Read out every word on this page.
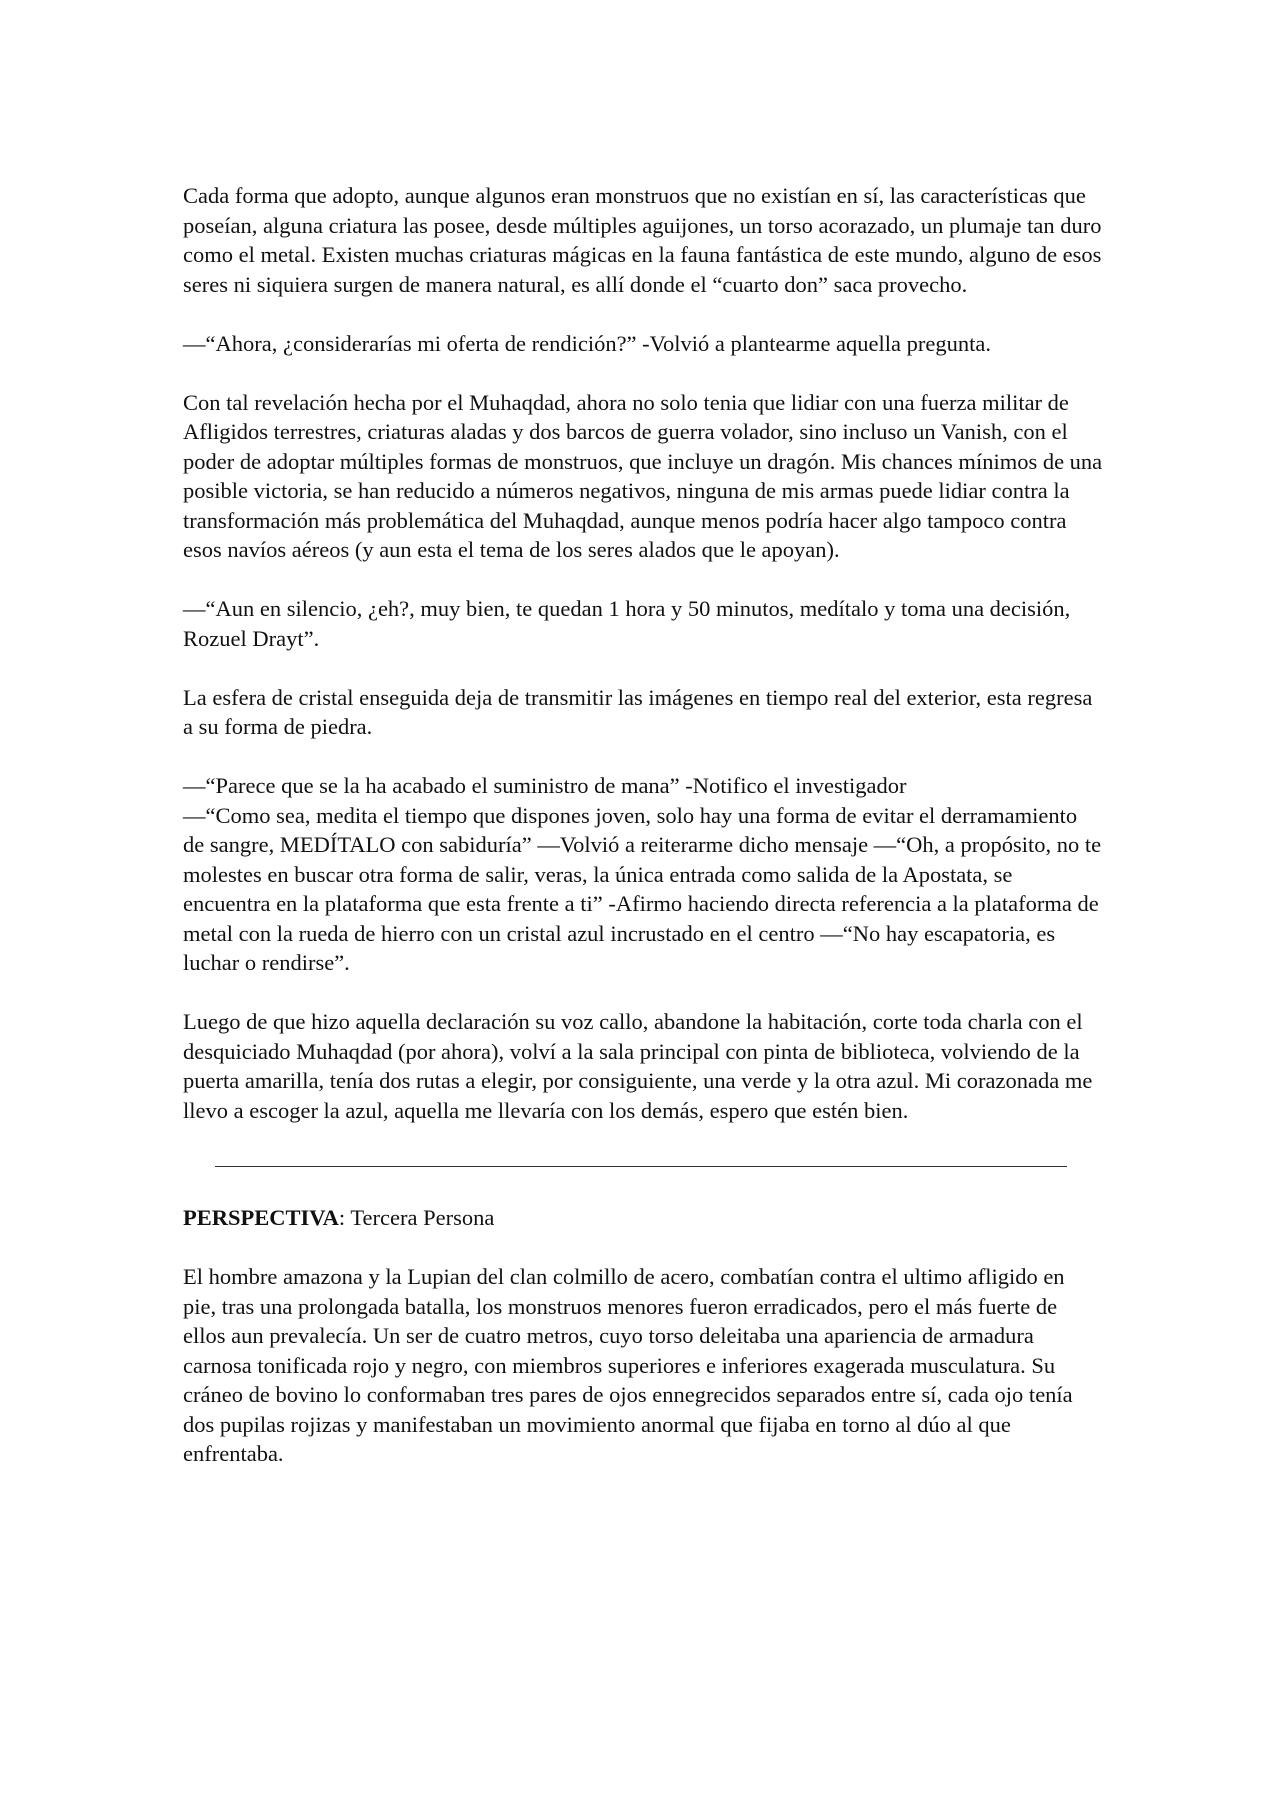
Cada forma que adopto, aunque algunos eran monstruos que no existían en sí, las características que poseían, alguna criatura las posee, desde múltiples aguijones, un torso acorazado, un plumaje tan duro como el metal. Existen muchas criaturas mágicas en la fauna fantástica de este mundo, alguno de esos seres ni siquiera surgen de manera natural, es allí donde el “cuarto don” saca provecho.

—“Ahora, ¿considerarías mi oferta de rendición?” -Volvió a plantearme aquella pregunta.

Con tal revelación hecha por el Muhaqdad, ahora no solo tenia que lidiar con una fuerza militar de Afligidos terrestres, criaturas aladas y dos barcos de guerra volador, sino incluso un Vanish, con el poder de adoptar múltiples formas de monstruos, que incluye un dragón. Mis chances mínimos de una posible victoria, se han reducido a números negativos, ninguna de mis armas puede lidiar contra la transformación más problemática del Muhaqdad, aunque menos podría hacer algo tampoco contra esos navíos aéreos (y aun esta el tema de los seres alados que le apoyan).

—“Aun en silencio, ¿eh?, muy bien, te quedan 1 hora y 50 minutos, medítalo y toma una decisión, Rozuel Drayt”.

La esfera de cristal enseguida deja de transmitir las imágenes en tiempo real del exterior, esta regresa a su forma de piedra.

—“Parece que se la ha acabado el suministro de mana” -Notifico el investigador

—“Como sea, medita el tiempo que dispones joven, solo hay una forma de evitar el derramamiento de sangre, MEDÍTALO con sabiduría” —Volvió a reiterarme dicho mensaje —“Oh, a propósito, no te molestes en buscar otra forma de salir, veras, la única entrada como salida de la Apostata, se encuentra en la plataforma que esta frente a ti” -Afirmo haciendo directa referencia a la plataforma de metal con la rueda de hierro con un cristal azul incrustado en el centro —“No hay escapatoria, es luchar o rendirse”.

Luego de que hizo aquella declaración su voz callo, abandone la habitación, corte toda charla con el desquiciado Muhaqdad (por ahora), volví a la sala principal con pinta de biblioteca, volviendo de la puerta amarilla, tenía dos rutas a elegir, por consiguiente, una verde y la otra azul. Mi corazonada me llevo a escoger la azul, aquella me llevaría con los demás, espero que estén bien.

PERSPECTIVA: Tercera Persona

El hombre amazona y la Lupian del clan colmillo de acero, combatían contra el ultimo afligido en pie, tras una prolongada batalla, los monstruos menores fueron erradicados, pero el más fuerte de ellos aun prevalecía. Un ser de cuatro metros, cuyo torso deleitaba una apariencia de armadura carnosa tonificada rojo y negro, con miembros superiores e inferiores exagerada musculatura. Su cráneo de bovino lo conformaban tres pares de ojos ennegrecidos separados entre sí, cada ojo tenía dos pupilas rojizas y manifestaban un movimiento anormal que fijaba en torno al dúo al que enfrentaba.
